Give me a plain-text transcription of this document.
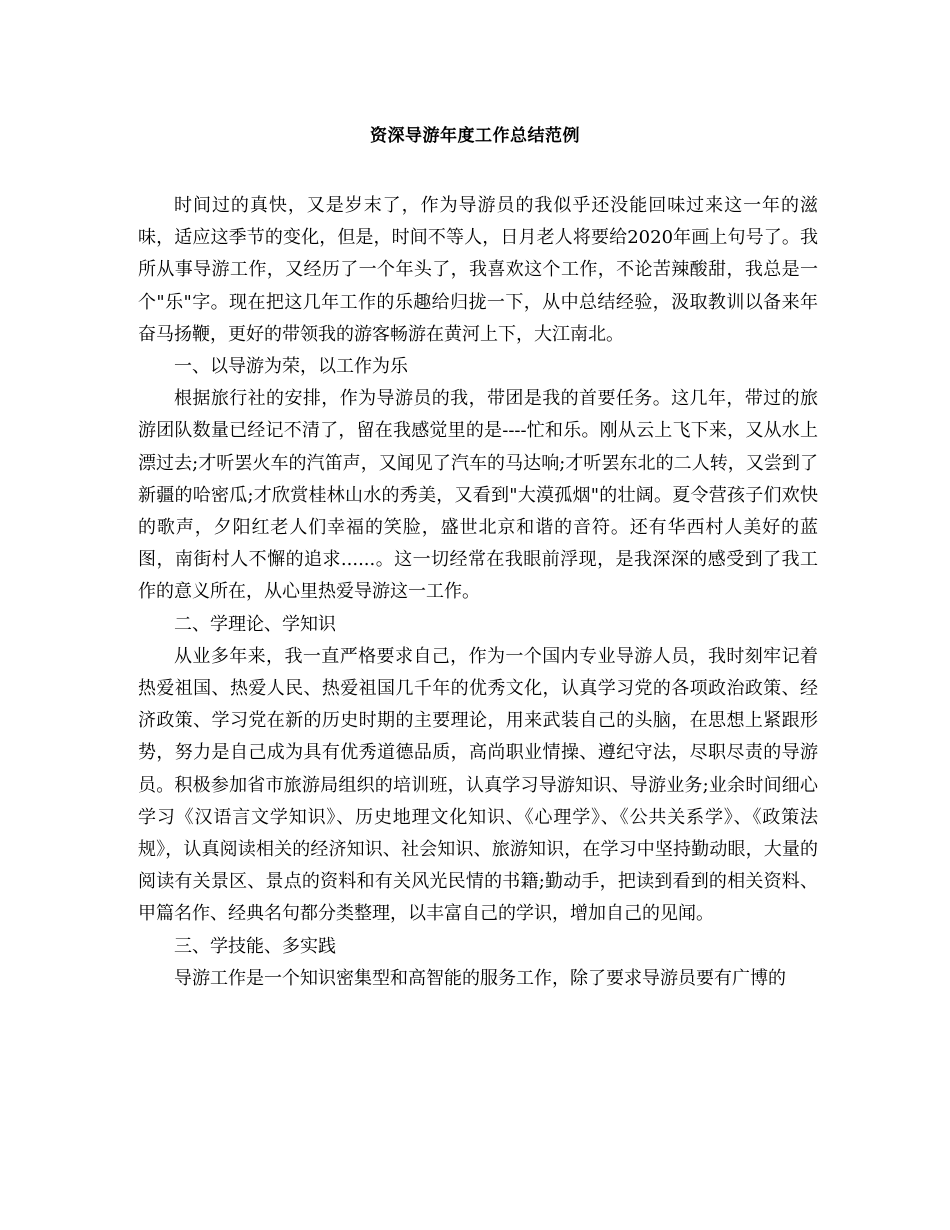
资深导游年度工作总结范例

时间过的真快，又是岁末了，作为导游员的我似乎还没能回味过来这一年的滋味，适应这季节的变化，但是，时间不等人，日月老人将要给2020年画上句号了。我所从事导游工作，又经历了一个年头了，我喜欢这个工作，不论苦辣酸甜，我总是一个"乐"字。现在把这几年工作的乐趣给归拢一下，从中总结经验，汲取教训以备来年奋马扬鞭，更好的带领我的游客畅游在黄河上下，大江南北。

一、以导游为荣，以工作为乐

根据旅行社的安排，作为导游员的我，带团是我的首要任务。这几年，带过的旅游团队数量已经记不清了，留在我感觉里的是----忙和乐。刚从云上飞下来，又从水上漂过去;才听罢火车的汽笛声，又闻见了汽车的马达响;才听罢东北的二人转，又尝到了新疆的哈密瓜;才欣赏桂林山水的秀美，又看到"大漠孤烟"的壮阔。夏令营孩子们欢快的歌声，夕阳红老人们幸福的笑脸，盛世北京和谐的音符。还有华西村人美好的蓝图，南街村人不懈的追求......。这一切经常在我眼前浮现，是我深深的感受到了我工作的意义所在，从心里热爱导游这一工作。

二、学理论、学知识

从业多年来，我一直严格要求自己，作为一个国内专业导游人员，我时刻牢记着热爱祖国、热爱人民、热爱祖国几千年的优秀文化，认真学习党的各项政治政策、经济政策、学习党在新的历史时期的主要理论，用来武装自己的头脑，在思想上紧跟形势，努力是自己成为具有优秀道德品质，高尚职业情操、遵纪守法，尽职尽责的导游员。积极参加省市旅游局组织的培训班，认真学习导游知识、导游业务;业余时间细心学习《汉语言文学知识》、历史地理文化知识、《心理学》、《公共关系学》、《政策法规》，认真阅读相关的经济知识、社会知识、旅游知识，在学习中坚持勤动眼，大量的阅读有关景区、景点的资料和有关风光民情的书籍;勤动手，把读到看到的相关资料、甲篇名作、经典名句都分类整理，以丰富自己的学识，增加自己的见闻。

三、学技能、多实践

导游工作是一个知识密集型和高智能的服务工作，除了要求导游员要有广博的
